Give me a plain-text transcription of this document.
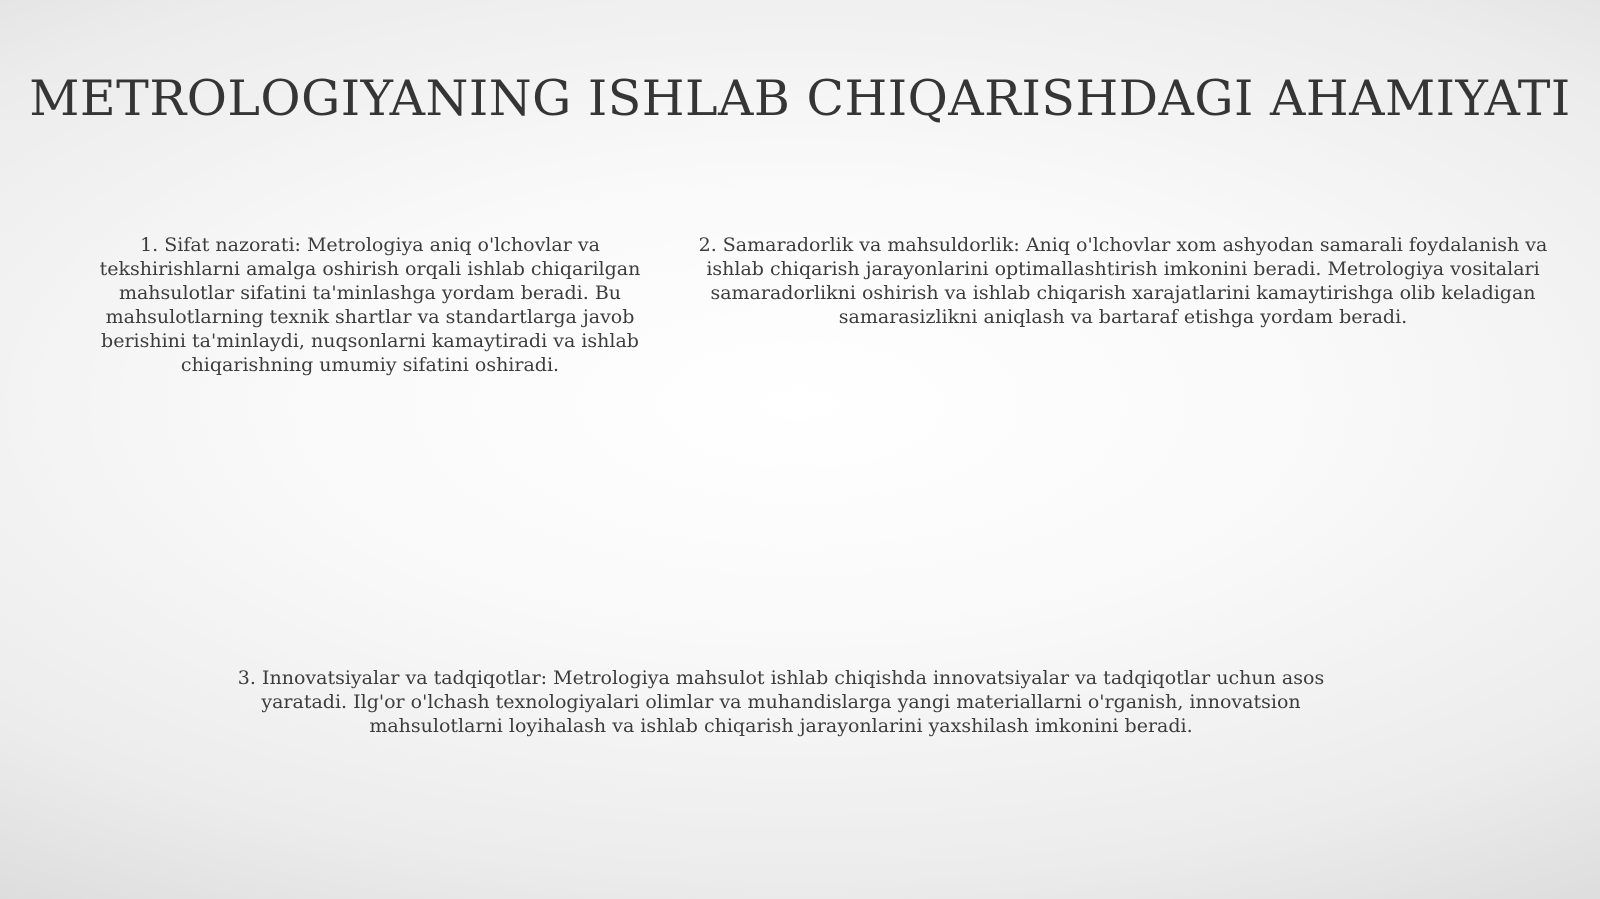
METROLOGIYANING ISHLAB CHIQARISHDAGI AHAMIYATI

1. Sifat nazorati: Metrologiya aniq o'lchovlar va tekshirishlarni amalga oshirish orqali ishlab chiqarilgan mahsulotlar sifatini ta'minlashga yordam beradi. Bu mahsulotlarning texnik shartlar va standartlarga javob berishini ta'minlaydi, nuqsonlarni kamaytiradi va ishlab chiqarishning umumiy sifatini oshiradi.

2. Samaradorlik va mahsuldorlik: Aniq o'lchovlar xom ashyodan samarali foydalanish va ishlab chiqarish jarayonlarini optimallashtirish imkonini beradi. Metrologiya vositalari samaradorlikni oshirish va ishlab chiqarish xarajatlarini kamaytirishga olib keladigan samarasizlikni aniqlash va bartaraf etishga yordam beradi.

3. Innovatsiyalar va tadqiqotlar: Metrologiya mahsulot ishlab chiqishda innovatsiyalar va tadqiqotlar uchun asos yaratadi. Ilg'or o'lchash texnologiyalari olimlar va muhandislarga yangi materiallarni o'rganish, innovatsion mahsulotlarni loyihalash va ishlab chiqarish jarayonlarini yaxshilash imkonini beradi.
